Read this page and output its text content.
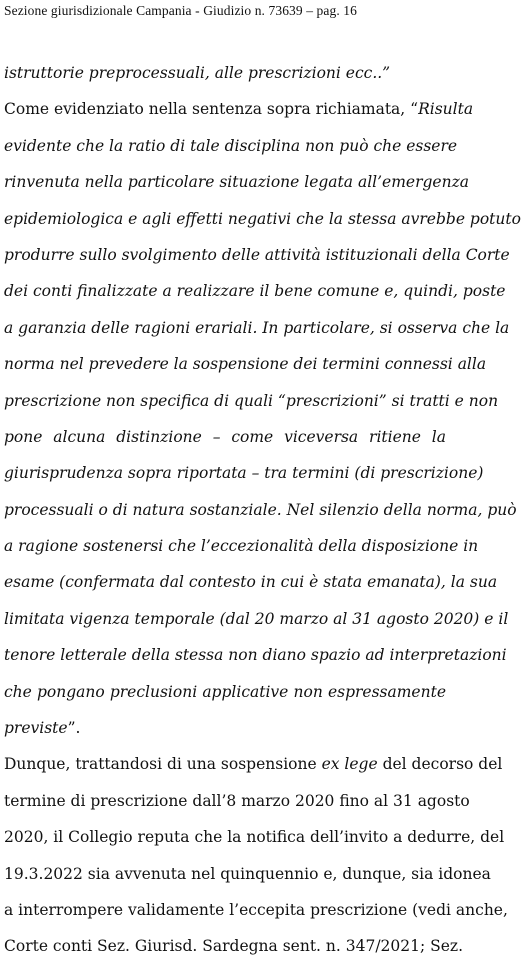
Sezione giurisdizionale Campania - Giudizio n. 73639 – pag. 16
istruttorie preprocessuali, alle prescrizioni ecc..”
Come evidenziato nella sentenza sopra richiamata, “Risulta
evidente che la ratio di tale disciplina non può che essere
rinvenuta nella particolare situazione legata all’emergenza
epidemiologica e agli effetti negativi che la stessa avrebbe potuto
produrre sullo svolgimento delle attività istituzionali della Corte
dei conti finalizzate a realizzare il bene comune e, quindi, poste
a garanzia delle ragioni erariali. In particolare, si osserva che la
norma nel prevedere la sospensione dei termini connessi alla
prescrizione non specifica di quali “prescrizioni” si tratti e non
pone alcuna distinzione – come viceversa ritiene la
giurisprudenza sopra riportata – tra termini (di prescrizione)
processuali o di natura sostanziale. Nel silenzio della norma, può
a ragione sostenersi che l’eccezionalità della disposizione in
esame (confermata dal contesto in cui è stata emanata), la sua
limitata vigenza temporale (dal 20 marzo al 31 agosto 2020) e il
tenore letterale della stessa non diano spazio ad interpretazioni
che pongano preclusioni applicative non espressamente
previste”.
Dunque, trattandosi di una sospensione ex lege del decorso del
termine di prescrizione dall’8 marzo 2020 fino al 31 agosto
2020, il Collegio reputa che la notifica dell’invito a dedurre, del
19.3.2022 sia avvenuta nel quinquennio e, dunque, sia idonea
a interrompere validamente l’eccepita prescrizione (vedi anche,
Corte conti Sez. Giurisd. Sardegna sent. n. 347/2021; Sez.
